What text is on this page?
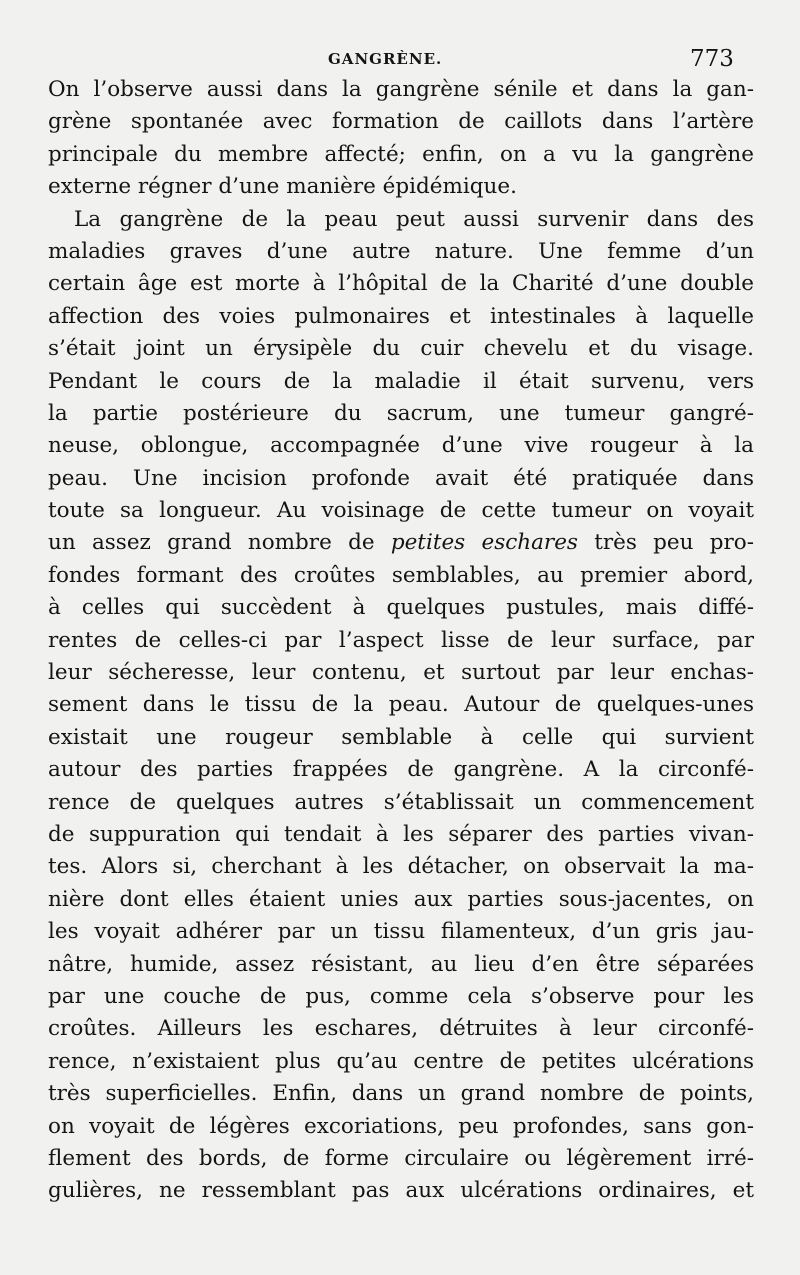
GANGRÈNE.	773
On l’observe aussi dans la gangrène sénile et dans la gan-
grène spontanée avec formation de caillots dans l’artère
principale du membre affecté; enfin, on a vu la gangrène
externe régner d’une manière épidémique.
La gangrène de la peau peut aussi survenir dans des
maladies graves d’une autre nature. Une femme d’un
certain âge est morte à l’hôpital de la Charité d’une double
affection des voies pulmonaires et intestinales à laquelle
s’était joint un érysipèle du cuir chevelu et du visage.
Pendant le cours de la maladie il était survenu, vers
la partie postérieure du sacrum, une tumeur gangré-
neuse, oblongue, accompagnée d’une vive rougeur à la
peau. Une incision profonde avait été pratiquée dans
toute sa longueur. Au voisinage de cette tumeur on voyait
un assez grand nombre de petites eschares très peu pro-
fondes formant des croûtes semblables, au premier abord,
à celles qui succèdent à quelques pustules, mais diffé-
rentes de celles-ci par l’aspect lisse de leur surface, par
leur sécheresse, leur contenu, et surtout par leur enchas-
sement dans le tissu de la peau. Autour de quelques-unes
existait une rougeur semblable à celle qui survient
autour des parties frappées de gangrène. A la circonfé-
rence de quelques autres s’établissait un commencement
de suppuration qui tendait à les séparer des parties vivan-
tes. Alors si, cherchant à les détacher, on observait la ma-
nière dont elles étaient unies aux parties sous-jacentes, on
les voyait adhérer par un tissu filamenteux, d’un gris jau-
nâtre, humide, assez résistant, au lieu d’en être séparées
par une couche de pus, comme cela s’observe pour les
croûtes. Ailleurs les eschares, détruites à leur circonfé-
rence, n’existaient plus qu’au centre de petites ulcérations
très superficielles. Enfin, dans un grand nombre de points,
on voyait de légères excoriations, peu profondes, sans gon-
flement des bords, de forme circulaire ou légèrement irré-
gulières, ne ressemblant pas aux ulcérations ordinaires, et
